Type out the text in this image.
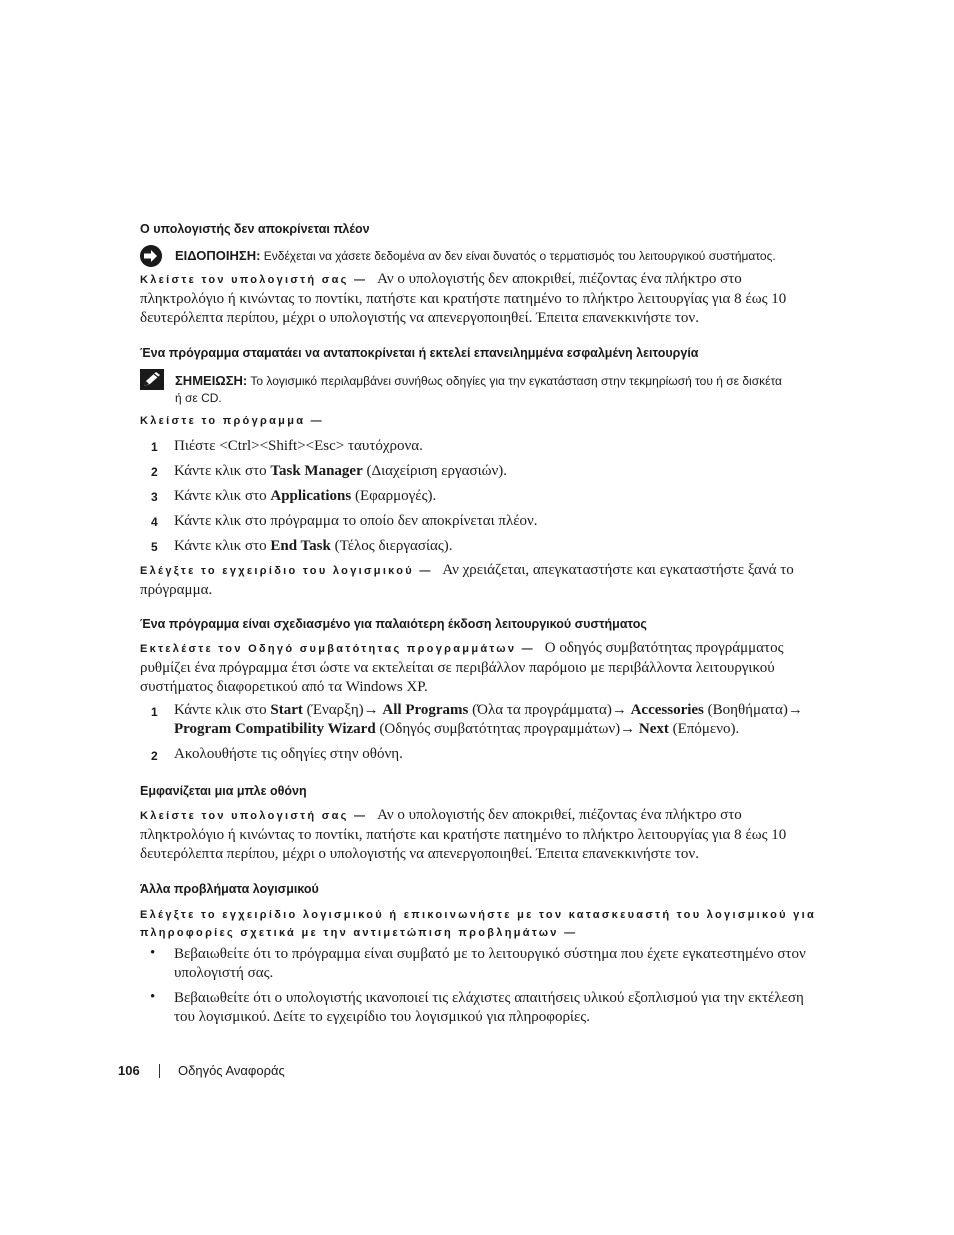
Ο υπολογιστής δεν αποκρίνεται πλέον
ΕΙΔΟΠΟΙΗΣΗ: Ενδέχεται να χάσετε δεδομένα αν δεν είναι δυνατός ο τερματισμός του λειτουργικού συστήματος.
Κλείστε τον υπολογιστή σας — Αν ο υπολογιστής δεν αποκριθεί, πιέζοντας ένα πλήκτρο στο
πληκτρολόγιο ή κινώντας το ποντίκι, πατήστε και κρατήστε πατημένο το πλήκτρο λειτουργίας για 8 έως 10
δευτερόλεπτα περίπου, μέχρι ο υπολογιστής να απενεργοποιηθεί. Έπειτα επανεκκινήστε τον.
Ένα πρόγραμμα σταματάει να ανταποκρίνεται ή εκτελεί επανειλημμένα εσφαλμένη λειτουργία
ΣΗΜΕΙΩΣΗ: Το λογισμικό περιλαμβάνει συνήθως οδηγίες για την εγκατάσταση στην τεκμηρίωσή του ή σε δισκέτα
ή σε CD.
Κλείστε το πρόγραμμα —
1 Πιέστε <Ctrl><Shift><Esc> ταυτόχρονα.
2 Κάντε κλικ στο Task Manager (Διαχείριση εργασιών).
3 Κάντε κλικ στο Applications (Εφαρμογές).
4 Κάντε κλικ στο πρόγραμμα το οποίο δεν αποκρίνεται πλέον.
5 Κάντε κλικ στο End Task (Τέλος διεργασίας).
Ελέγξτε το εγχειρίδιο του λογισμικού — Αν χρειάζεται, απεγκαταστήστε και εγκαταστήστε ξανά το
πρόγραμμα.
Ένα πρόγραμμα είναι σχεδιασμένο για παλαιότερη έκδοση λειτουργικού συστήματος
Εκτελέστε τον Οδηγό συμβατότητας προγραμμάτων — Ο οδηγός συμβατότητας προγράμματος
ρυθμίζει ένα πρόγραμμα έτσι ώστε να εκτελείται σε περιβάλλον παρόμοιο με περιβάλλοντα λειτουργικού
συστήματος διαφορετικού από τα Windows XP.
1 Κάντε κλικ στο Start (Έναρξη)→ All Programs (Όλα τα προγράμματα)→ Accessories (Βοηθήματα)→
Program Compatibility Wizard (Οδηγός συμβατότητας προγραμμάτων)→ Next (Επόμενο).
2 Ακολουθήστε τις οδηγίες στην οθόνη.
Εμφανίζεται μια μπλε οθόνη
Κλείστε τον υπολογιστή σας — Αν ο υπολογιστής δεν αποκριθεί, πιέζοντας ένα πλήκτρο στο
πληκτρολόγιο ή κινώντας το ποντίκι, πατήστε και κρατήστε πατημένο το πλήκτρο λειτουργίας για 8 έως 10
δευτερόλεπτα περίπου, μέχρι ο υπολογιστής να απενεργοποιηθεί. Έπειτα επανεκκινήστε τον.
Άλλα προβλήματα λογισμικού
Ελέγξτε το εγχειρίδιο λογισμικού ή επικοινωνήστε με τον κατασκευαστή του λογισμικού για
πληροφορίες σχετικά με την αντιμετώπιση προβλημάτων —
• Βεβαιωθείτε ότι το πρόγραμμα είναι συμβατό με το λειτουργικό σύστημα που έχετε εγκατεστημένο στον
υπολογιστή σας.
• Βεβαιωθείτε ότι ο υπολογιστής ικανοποιεί τις ελάχιστες απαιτήσεις υλικού εξοπλισμού για την εκτέλεση
του λογισμικού. Δείτε το εγχειρίδιο του λογισμικού για πληροφορίες.
106	Οδηγός Αναφοράς
